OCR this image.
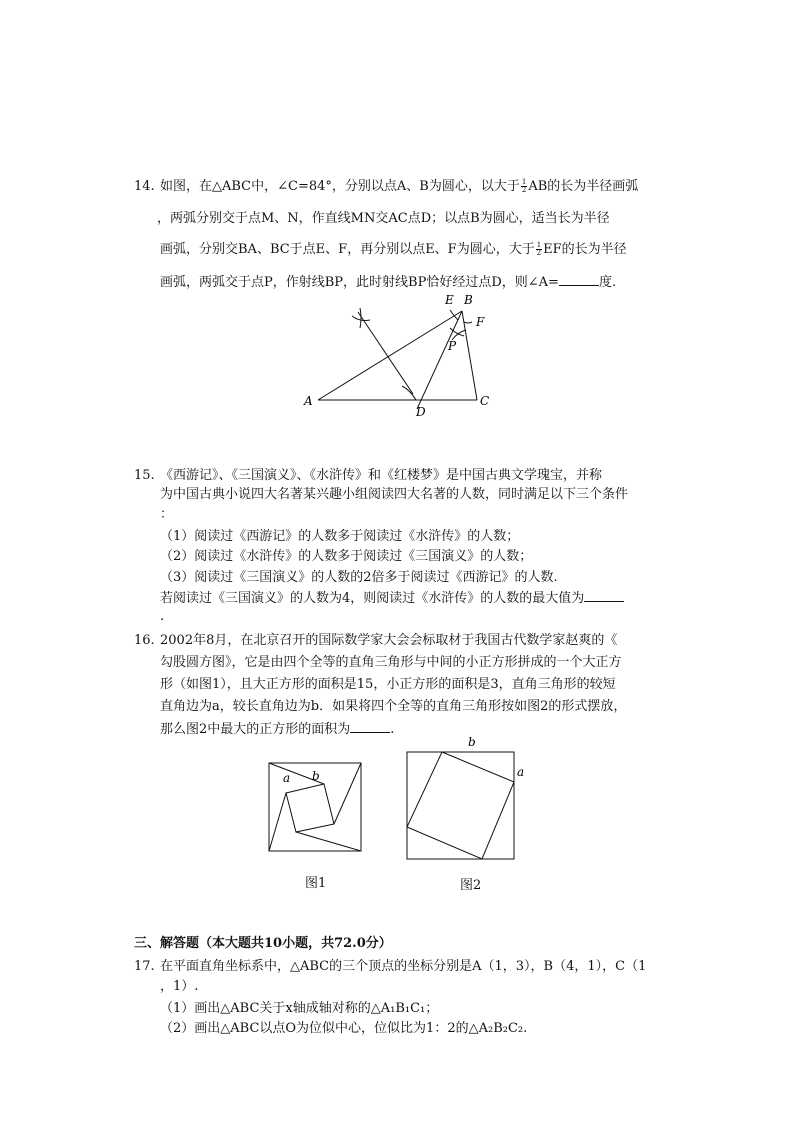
14. 如图，在△ABC中，∠C=84°，分别以点A、B为圆心，以大于 $\frac{1}{2}$ AB的长为半径画弧
，两弧分别交于点M、N，作直线MN交AC点D；以点B为圆心，适当长为半径
画弧，分别交BA、BC于点E、F，再分别以点E、F为圆心，大于 $\frac{1}{2}$ EF的长为半径
画弧，两弧交于点P，作射线BP，此时射线BP恰好经过点D，则∠A=	度.
A
B
C
D
E
F
P
15. 《西游记》、《三国演义》、《水浒传》和《红楼梦》是中国古典文学瑰宝，并称
为中国古典小说四大名著某兴趣小组阅读四大名著的人数，同时满足以下三个条件
：
（1）阅读过《西游记》的人数多于阅读过《水浒传》的人数；
（2）阅读过《水浒传》的人数多于阅读过《三国演义》的人数；
（3）阅读过《三国演义》的人数的2倍多于阅读过《西游记》的人数.
若阅读过《三国演义》的人数为4，则阅读过《水浒传》的人数的最大值为
.
16. 2002年8月，在北京召开的国际数学家大会会标取材于我国古代数学家赵爽的《
勾股圆方图》，它是由四个全等的直角三角形与中间的小正方形拼成的一个大正方
形（如图1），且大正方形的面积是15，小正方形的面积是3，直角三角形的较短
直角边为a，较长直角边为b．如果将四个全等的直角三角形按如图2的形式摆放，
那么图2中最大的正方形的面积为	.
a b
图1
b
a
图2
三、解答题（本大题共10小题，共72.0分）
17. 在平面直角坐标系中，△ABC的三个顶点的坐标分别是A（1，3），B（4，1），C（1
，1）.
（1）画出△ABC关于x轴成轴对称的△A₁B₁C₁；
（2）画出△ABC以点O为位似中心，位似比为1：2的△A₂B₂C₂.
